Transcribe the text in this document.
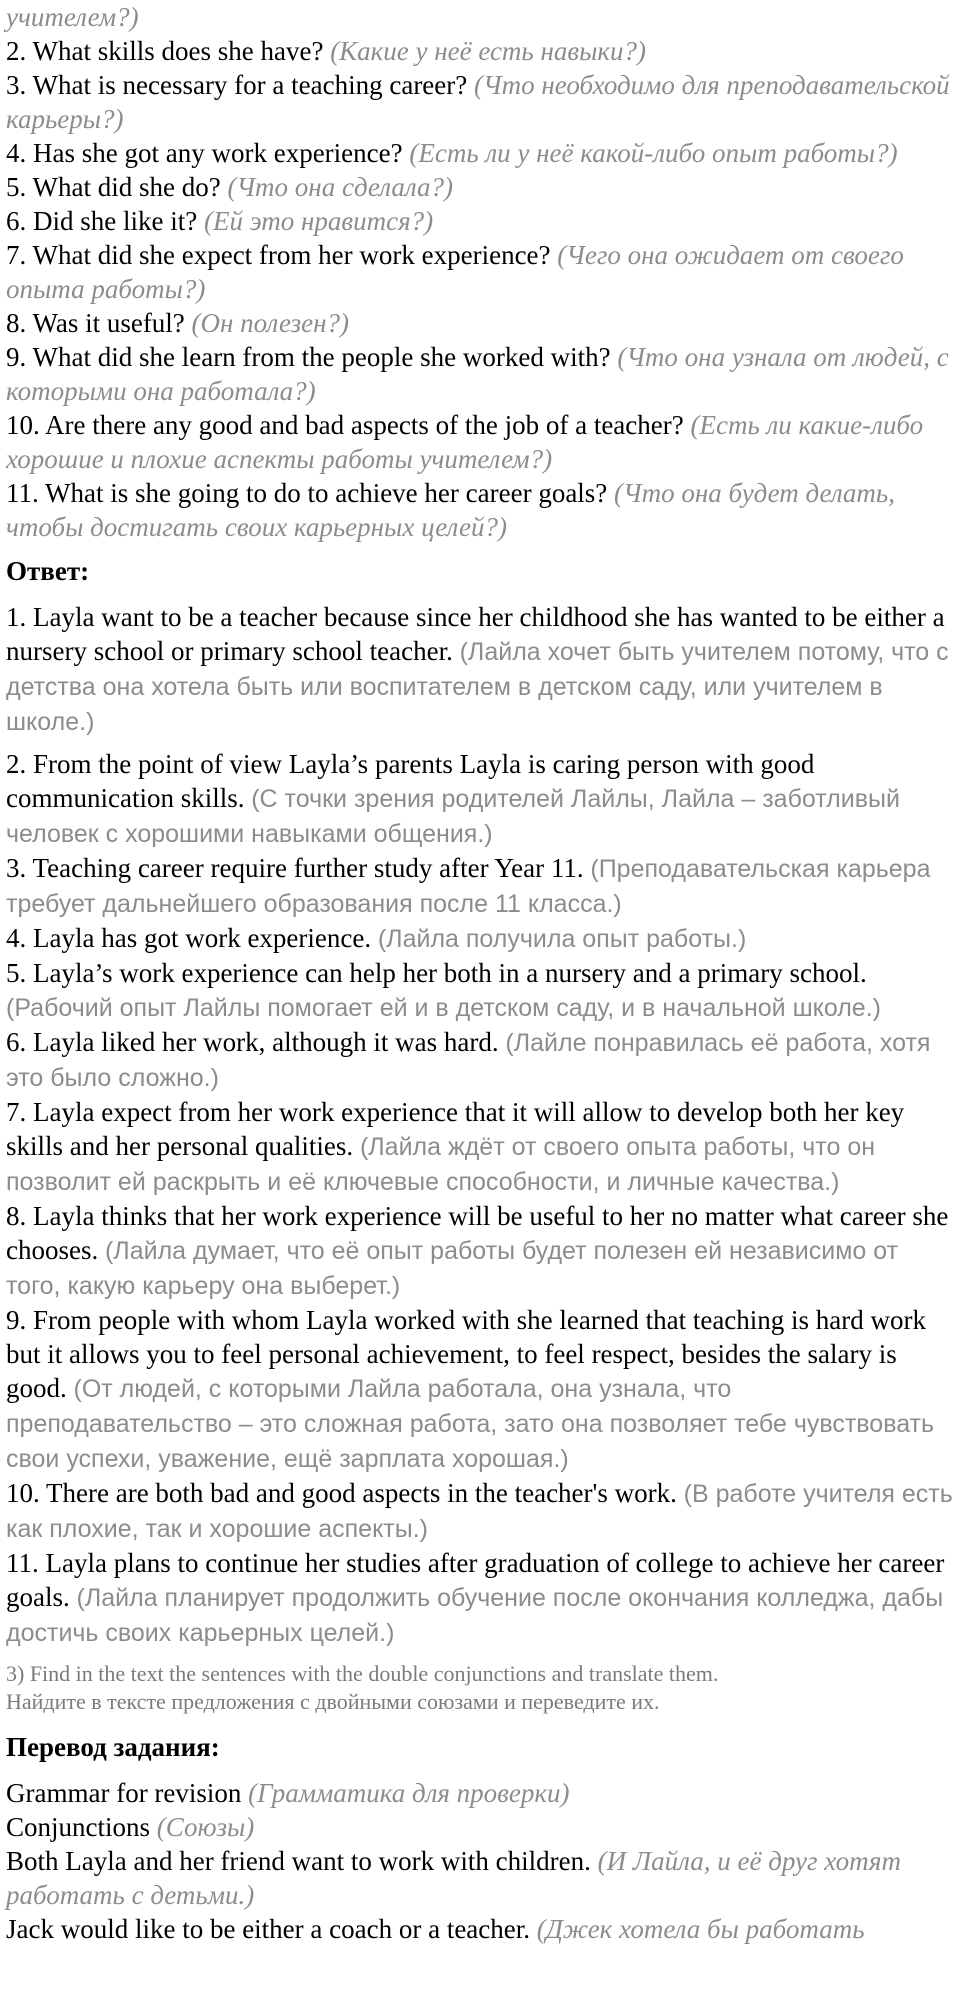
учителем?)

2. What skills does she have? (Какие у неё есть навыки?)

3. What is necessary for a teaching career? (Что необходимо для преподавательской карьеры?)

4. Has she got any work experience? (Есть ли у неё какой-либо опыт работы?)

5. What did she do? (Что она сделала?)

6. Did she like it? (Ей это нравится?)

7. What did she expect from her work experience? (Чего она ожидает от своего опыта работы?)

8. Was it useful? (Он полезен?)

9. What did she learn from the people she worked with? (Что она узнала от людей, с которыми она работала?)

10. Are there any good and bad aspects of the job of a teacher? (Есть ли какие-либо хорошие и плохие аспекты работы учителем?)

11. What is she going to do to achieve her career goals? (Что она будет делать, чтобы достигать своих карьерных целей?)

Ответ:

1. Layla want to be a teacher because since her childhood she has wanted to be either a nursery school or primary school teacher. (Лайла хочет быть учителем потому, что с детства она хотела быть или воспитателем в детском саду, или учителем в школе.)

2. From the point of view Layla’s parents Layla is caring person with good communication skills. (С точки зрения родителей Лайлы, Лайла – заботливый человек с хорошими навыками общения.)

3. Teaching career require further study after Year 11. (Преподавательская карьера требует дальнейшего образования после 11 класса.)

4. Layla has got work experience. (Лайла получила опыт работы.)

5. Layla’s work experience can help her both in a nursery and a primary school. (Рабочий опыт Лайлы помогает ей и в детском саду, и в начальной школе.)

6. Layla liked her work, although it was hard. (Лайле понравилась её работа, хотя это было сложно.)

7. Layla expect from her work experience that it will allow to develop both her key skills and her personal qualities. (Лайла ждёт от своего опыта работы, что он позволит ей раскрыть и её ключевые способности, и личные качества.)

8. Layla thinks that her work experience will be useful to her no matter what career she chooses. (Лайла думает, что её опыт работы будет полезен ей независимо от того, какую карьеру она выберет.)

9. From people with whom Layla worked with she learned that teaching is hard work but it allows you to feel personal achievement, to feel respect, besides the salary is good. (От людей, с которыми Лайла работала, она узнала, что преподавательство – это сложная работа, зато она позволяет тебе чувствовать свои успехи, уважение, ещё зарплата хорошая.)

10. There are both bad and good aspects in the teacher's work. (В работе учителя есть как плохие, так и хорошие аспекты.)

11. Layla plans to continue her studies after graduation of college to achieve her career goals. (Лайла планирует продолжить обучение после окончания колледжа, дабы достичь своих карьерных целей.)

3) Find in the text the sentences with the double conjunctions and translate them.

Найдите в тексте предложения с двойными союзами и переведите их.

Перевод задания:

Grammar for revision (Грамматика для проверки)

Conjunctions (Союзы)

Both Layla and her friend want to work with children. (И Лайла, и её друг хотят работать с детьми.)

Jack would like to be either a coach or a teacher. (Джек хотела бы работать
